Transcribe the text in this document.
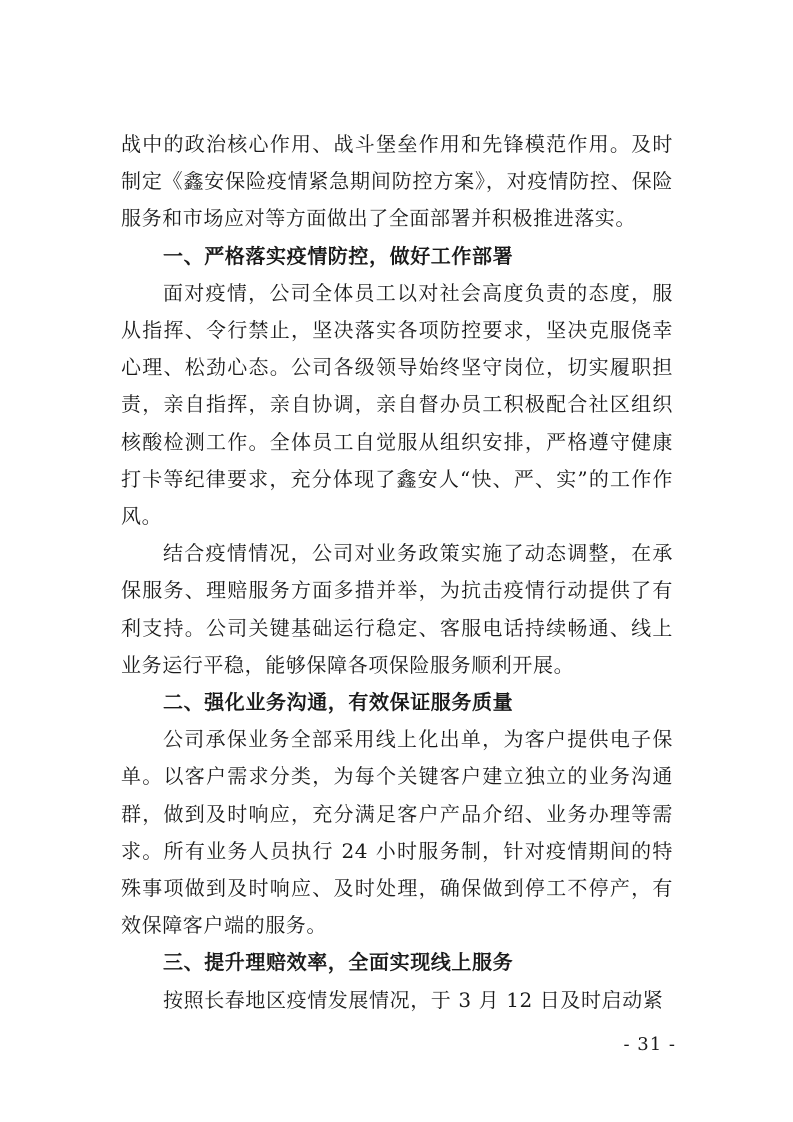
战中的政治核心作用、战斗堡垒作用和先锋模范作用。及时制定《鑫安保险疫情紧急期间防控方案》，对疫情防控、保险服务和市场应对等方面做出了全面部署并积极推进落实。

一、严格落实疫情防控，做好工作部署

面对疫情，公司全体员工以对社会高度负责的态度，服从指挥、令行禁止，坚决落实各项防控要求，坚决克服侥幸心理、松劲心态。公司各级领导始终坚守岗位，切实履职担责，亲自指挥，亲自协调，亲自督办员工积极配合社区组织核酸检测工作。全体员工自觉服从组织安排，严格遵守健康打卡等纪律要求，充分体现了鑫安人“快、严、实”的工作作风。

结合疫情情况，公司对业务政策实施了动态调整，在承保服务、理赔服务方面多措并举，为抗击疫情行动提供了有利支持。公司关键基础运行稳定、客服电话持续畅通、线上业务运行平稳，能够保障各项保险服务顺利开展。

二、强化业务沟通，有效保证服务质量

公司承保业务全部采用线上化出单，为客户提供电子保单。以客户需求分类，为每个关键客户建立独立的业务沟通群，做到及时响应，充分满足客户产品介绍、业务办理等需求。所有业务人员执行 24 小时服务制，针对疫情期间的特殊事项做到及时响应、及时处理，确保做到停工不停产，有效保障客户端的服务。

三、提升理赔效率，全面实现线上服务

按照长春地区疫情发展情况，于 3 月 12 日及时启动紧

- 31 -
